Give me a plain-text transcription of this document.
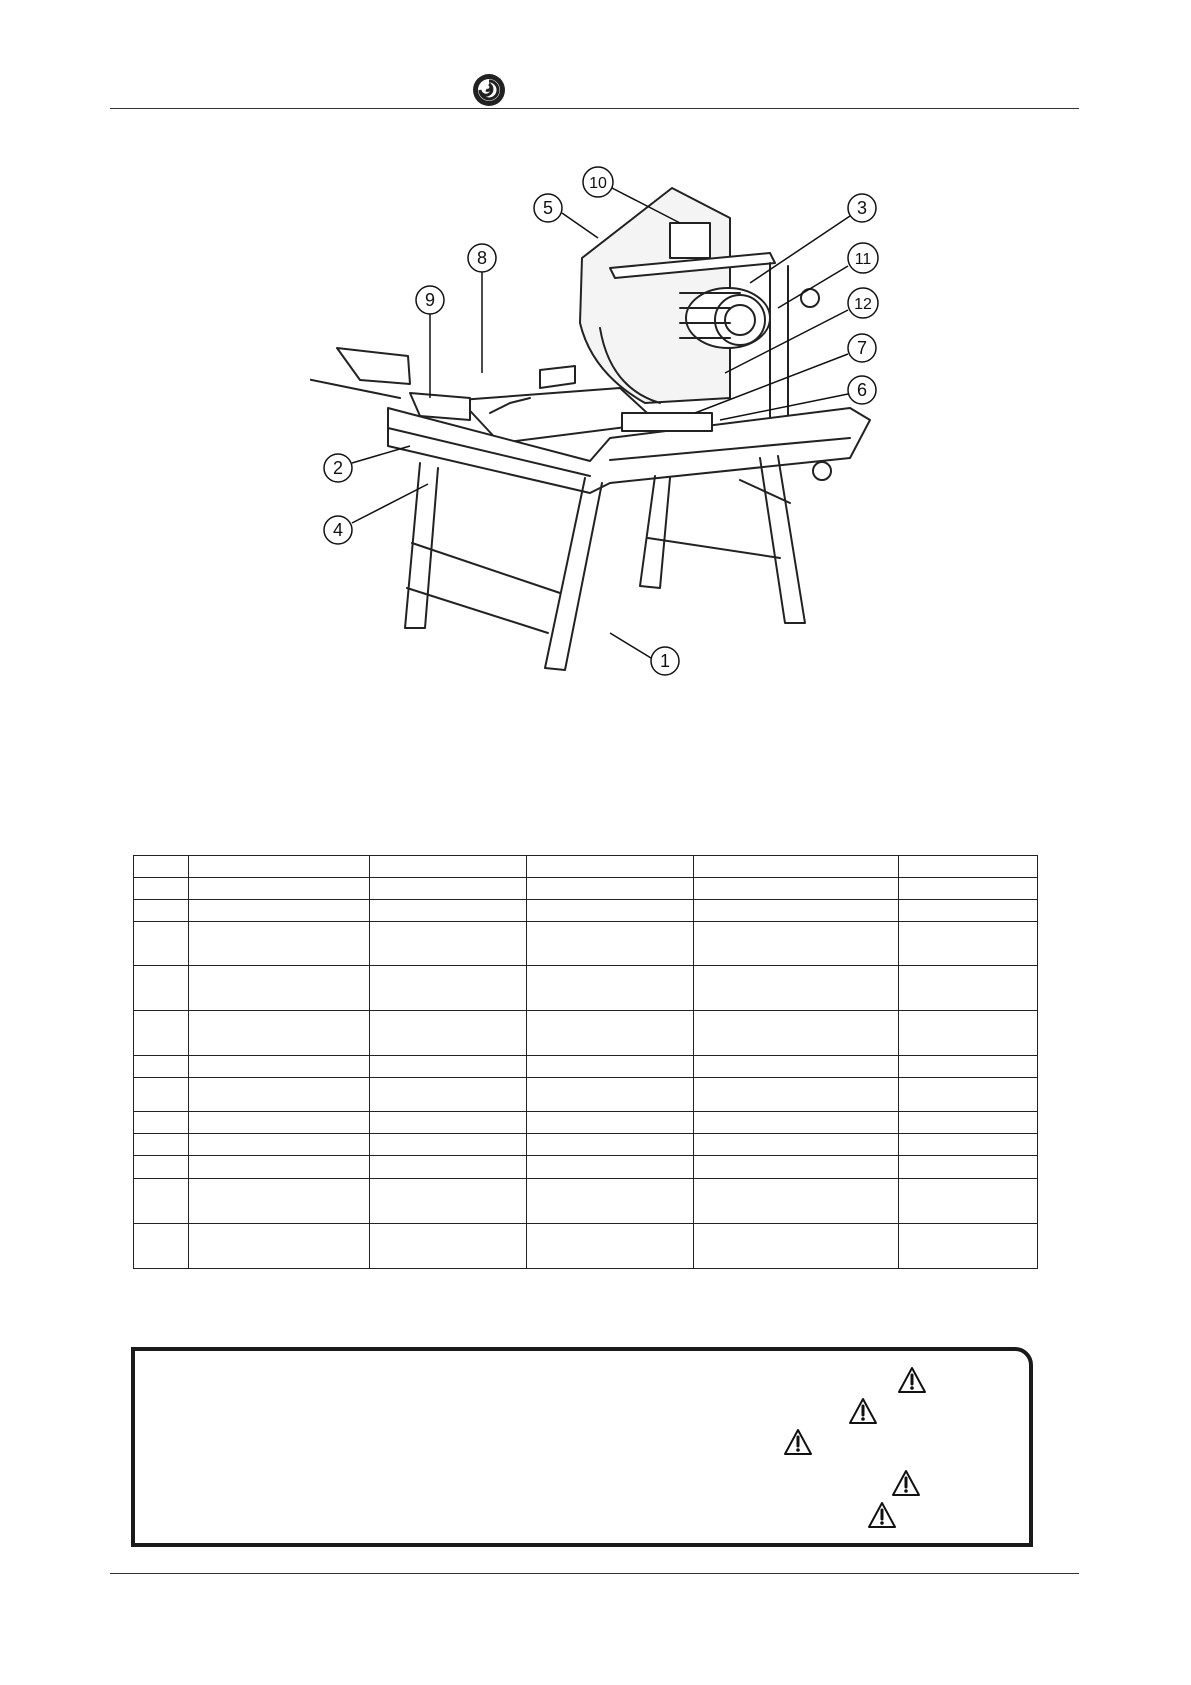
1
2
3
4
5
6
7
8
9
10
11
12
